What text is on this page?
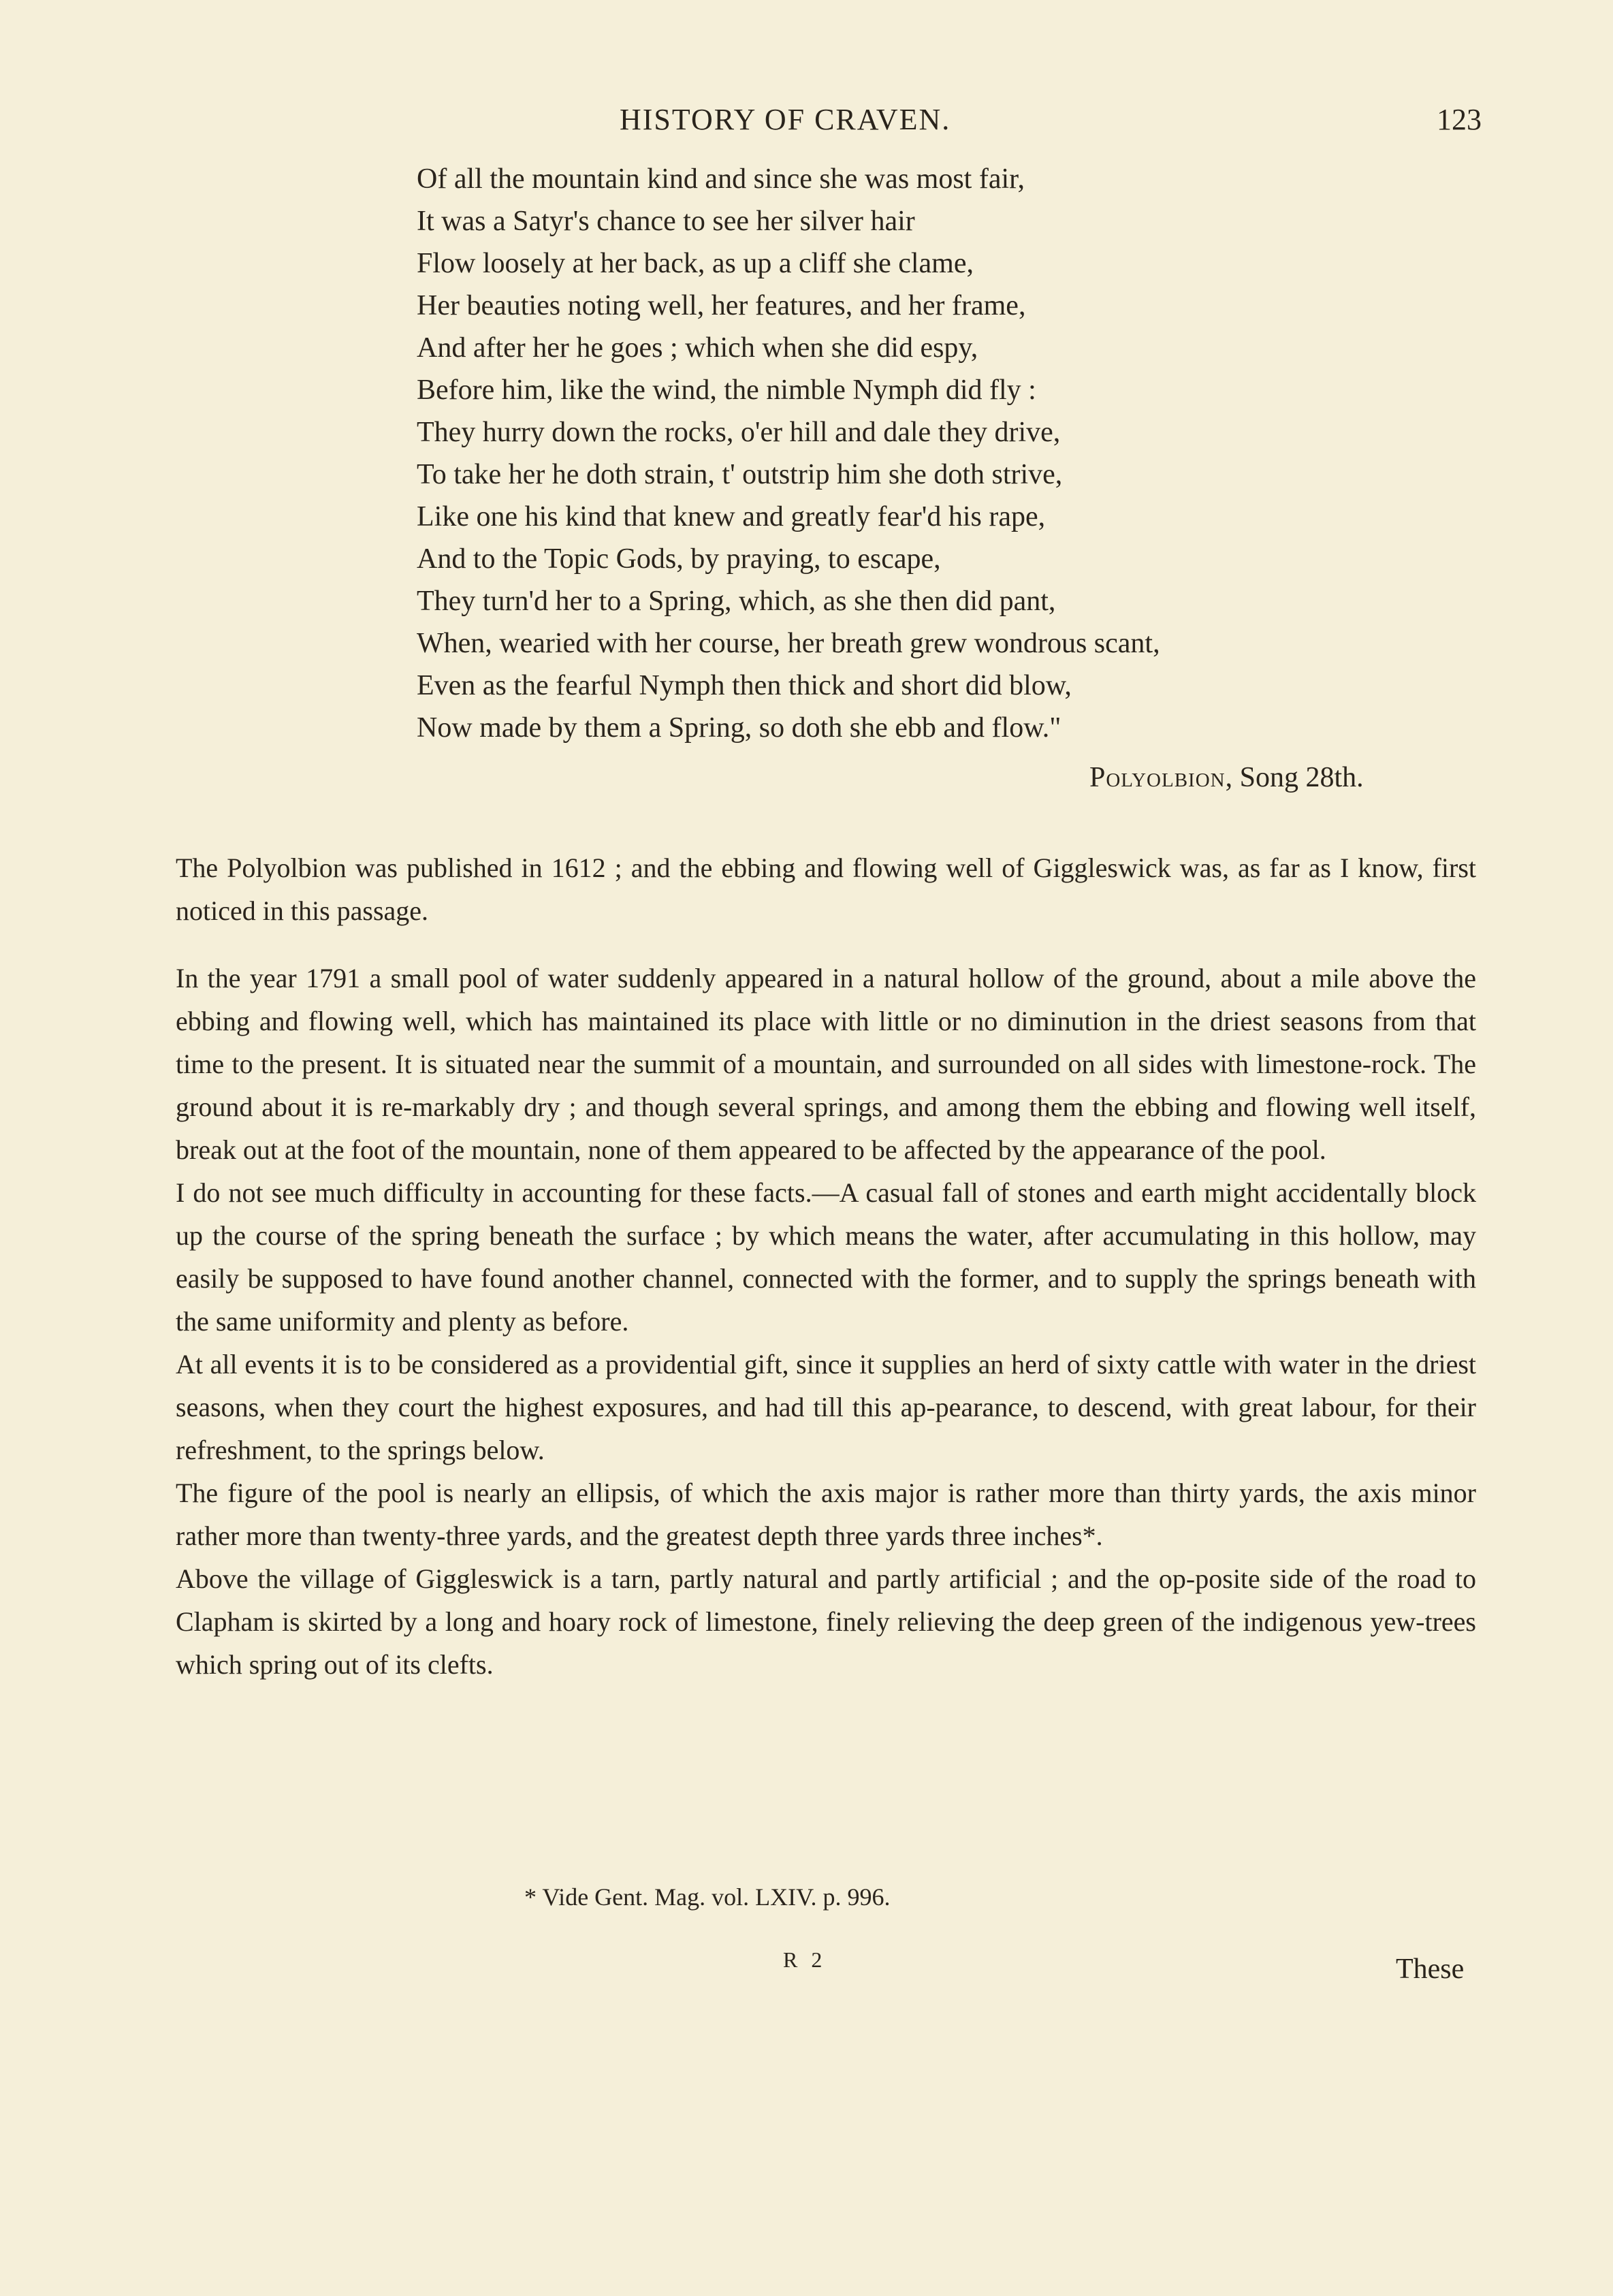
HISTORY OF CRAVEN.	123
Of all the mountain kind and since she was most fair,
It was a Satyr's chance to see her silver hair
Flow loosely at her back, as up a cliff she clame,
Her beauties noting well, her features, and her frame,
And after her he goes ; which when she did espy,
Before him, like the wind, the nimble Nymph did fly :
They hurry down the rocks, o'er hill and dale they drive,
To take her he doth strain, t' outstrip him she doth strive,
Like one his kind that knew and greatly fear'd his rape,
And to the Topic Gods, by praying, to escape,
They turn'd her to a Spring, which, as she then did pant,
When, wearied with her course, her breath grew wondrous scant,
Even as the fearful Nymph then thick and short did blow,
Now made by them a Spring, so doth she ebb and flow."
Polyolbion, Song 28th.

The Polyolbion was published in 1612 ; and the ebbing and flowing well of Giggleswick was, as far as I know, first noticed in this passage.

In the year 1791 a small pool of water suddenly appeared in a natural hollow of the ground, about a mile above the ebbing and flowing well, which has maintained its place with little or no diminution in the driest seasons from that time to the present. It is situated near the summit of a mountain, and surrounded on all sides with limestone-rock. The ground about it is re-markably dry ; and though several springs, and among them the ebbing and flowing well itself, break out at the foot of the mountain, none of them appeared to be affected by the appearance of the pool.

I do not see much difficulty in accounting for these facts.—A casual fall of stones and earth might accidentally block up the course of the spring beneath the surface ; by which means the water, after accumulating in this hollow, may easily be supposed to have found another channel, connected with the former, and to supply the springs beneath with the same uniformity and plenty as before.

At all events it is to be considered as a providential gift, since it supplies an herd of sixty cattle with water in the driest seasons, when they court the highest exposures, and had till this ap-pearance, to descend, with great labour, for their refreshment, to the springs below.

The figure of the pool is nearly an ellipsis, of which the axis major is rather more than thirty yards, the axis minor rather more than twenty-three yards, and the greatest depth three yards three inches*.

Above the village of Giggleswick is a tarn, partly natural and partly artificial ; and the op-posite side of the road to Clapham is skirted by a long and hoary rock of limestone, finely relieving the deep green of the indigenous yew-trees which spring out of its clefts.

* Vide Gent. Mag. vol. LXIV. p. 996.
R 2	These
